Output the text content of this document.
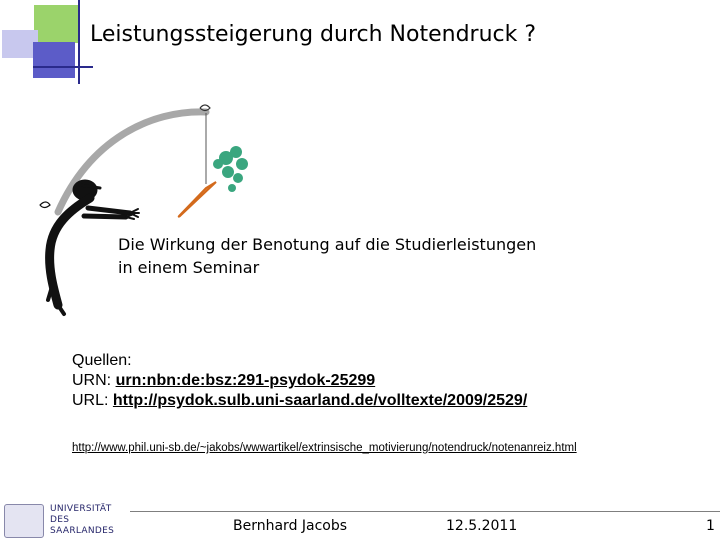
Leistungssteigerung durch Notendruck ?
Die Wirkung der Benotung auf die Studierleistungen
in einem Seminar
Quellen:
URN: urn:nbn:de:bsz:291-psydok-25299
URL: http://psydok.sulb.uni-saarland.de/volltexte/2009/2529/
http://www.phil.uni-sb.de/~jakobs/wwwartikel/extrinsische_motivierung/notendruck/notenanreiz.html
UNIVERSITÄT
DES
SAARLANDES	Bernhard Jacobs	12.5.2011	1
